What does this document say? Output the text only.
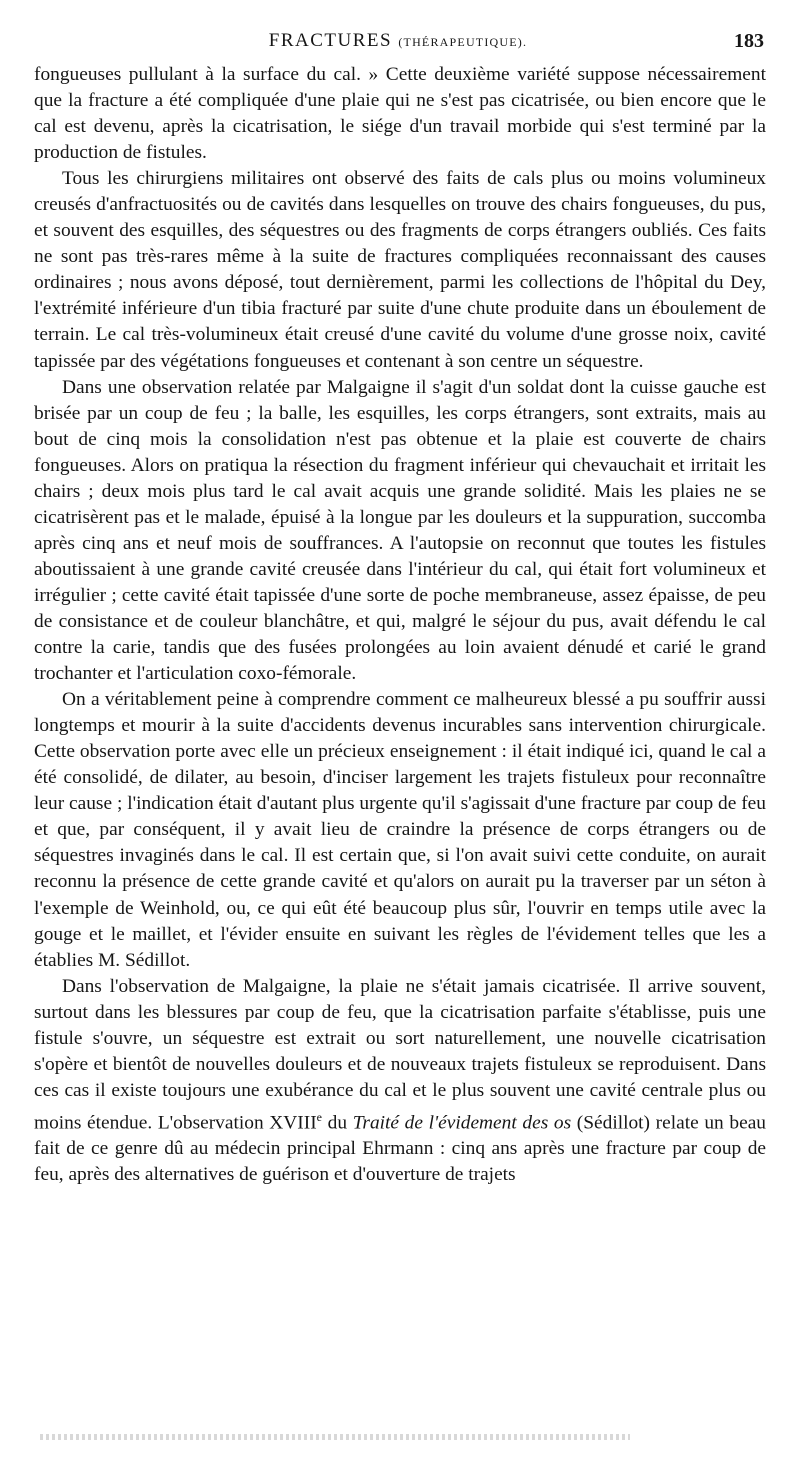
FRACTURES (THÉRAPEUTIQUE).	183

fongueuses pullulant à la surface du cal. » Cette deuxième variété suppose nécessairement que la fracture a été compliquée d'une plaie qui ne s'est pas cicatrisée, ou bien encore que le cal est devenu, après la cicatrisation, le siége d'un travail morbide qui s'est terminé par la production de fistules.

Tous les chirurgiens militaires ont observé des faits de cals plus ou moins volumineux creusés d'anfractuosités ou de cavités dans lesquelles on trouve des chairs fongueuses, du pus, et souvent des esquilles, des séquestres ou des fragments de corps étrangers oubliés. Ces faits ne sont pas très-rares même à la suite de fractures compliquées reconnaissant des causes ordinaires ; nous avons déposé, tout dernièrement, parmi les collections de l'hôpital du Dey, l'extrémité inférieure d'un tibia fracturé par suite d'une chute produite dans un éboulement de terrain. Le cal très-volumineux était creusé d'une cavité du volume d'une grosse noix, cavité tapissée par des végétations fongueuses et contenant à son centre un séquestre.

Dans une observation relatée par Malgaigne il s'agit d'un soldat dont la cuisse gauche est brisée par un coup de feu ; la balle, les esquilles, les corps étrangers, sont extraits, mais au bout de cinq mois la consolidation n'est pas obtenue et la plaie est couverte de chairs fongueuses. Alors on pratiqua la résection du fragment inférieur qui chevauchait et irritait les chairs ; deux mois plus tard le cal avait acquis une grande solidité. Mais les plaies ne se cicatrisèrent pas et le malade, épuisé à la longue par les douleurs et la suppuration, succomba après cinq ans et neuf mois de souffrances. A l'autopsie on reconnut que toutes les fistules aboutissaient à une grande cavité creusée dans l'intérieur du cal, qui était fort volumineux et irrégulier ; cette cavité était tapissée d'une sorte de poche membraneuse, assez épaisse, de peu de consistance et de couleur blanchâtre, et qui, malgré le séjour du pus, avait défendu le cal contre la carie, tandis que des fusées prolongées au loin avaient dénudé et carié le grand trochanter et l'articulation coxo-fémorale.

On a véritablement peine à comprendre comment ce malheureux blessé a pu souffrir aussi longtemps et mourir à la suite d'accidents devenus incurables sans intervention chirurgicale. Cette observation porte avec elle un précieux enseignement : il était indiqué ici, quand le cal a été consolidé, de dilater, au besoin, d'inciser largement les trajets fistuleux pour reconnaître leur cause ; l'indication était d'autant plus urgente qu'il s'agissait d'une fracture par coup de feu et que, par conséquent, il y avait lieu de craindre la présence de corps étrangers ou de séquestres invaginés dans le cal. Il est certain que, si l'on avait suivi cette conduite, on aurait reconnu la présence de cette grande cavité et qu'alors on aurait pu la traverser par un séton à l'exemple de Weinhold, ou, ce qui eût été beaucoup plus sûr, l'ouvrir en temps utile avec la gouge et le maillet, et l'évider ensuite en suivant les règles de l'évidement telles que les a établies M. Sédillot.

Dans l'observation de Malgaigne, la plaie ne s'était jamais cicatrisée. Il arrive souvent, surtout dans les blessures par coup de feu, que la cicatrisation parfaite s'établisse, puis une fistule s'ouvre, un séquestre est extrait ou sort naturellement, une nouvelle cicatrisation s'opère et bientôt de nouvelles douleurs et de nouveaux trajets fistuleux se reproduisent. Dans ces cas il existe toujours une exubérance du cal et le plus souvent une cavité centrale plus ou moins étendue. L'observation XVIIIe du Traité de l'évidement des os (Sédillot) relate un beau fait de ce genre dû au médecin principal Ehrmann : cinq ans après une fracture par coup de feu, après des alternatives de guérison et d'ouverture de trajets
